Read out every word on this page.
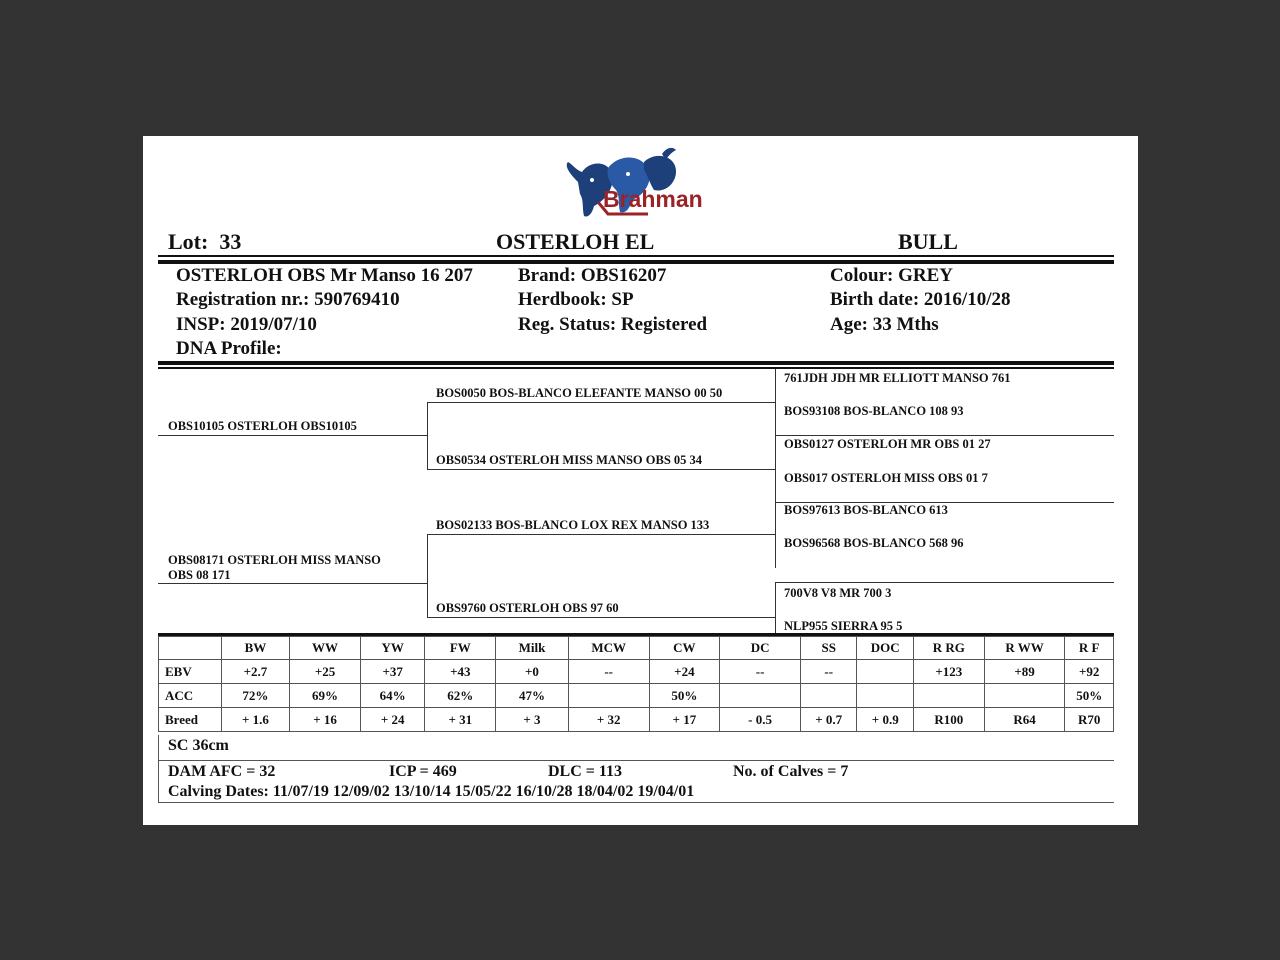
Brahman
Lot: 33	OSTERLOH EL	BULL
OSTERLOH OBS Mr Manso 16 207
Registration nr.: 590769410
INSP: 2019/07/10
DNA Profile:
Brand: OBS16207
Herdbook: SP
Reg. Status: Registered
Colour: GREY
Birth date: 2016/10/28
Age: 33 Mths
OBS10105 OSTERLOH OBS10105
OBS08171 OSTERLOH MISS MANSO
OBS 08 171
BOS0050 BOS-BLANCO ELEFANTE MANSO 00 50
OBS0534 OSTERLOH MISS MANSO OBS 05 34
BOS02133 BOS-BLANCO LOX REX MANSO 133
OBS9760 OSTERLOH OBS 97 60
761JDH JDH MR ELLIOTT MANSO 761
BOS93108 BOS-BLANCO 108 93
OBS0127 OSTERLOH MR OBS 01 27
OBS017 OSTERLOH MISS OBS 01 7
BOS97613 BOS-BLANCO 613
BOS96568 BOS-BLANCO 568 96
700V8 V8 MR 700 3
NLP955 SIERRA 95 5
	BW	WW	YW	FW	Milk	MCW	CW	DC	SS	DOC	R RG	R WW	R F
EBV	+2.7	+25	+37	+43	+0	--	+24	--	--		+123	+89	+92
ACC	72%	69%	64%	62%	47%		50%						50%
Breed	+ 1.6	+ 16	+ 24	+ 31	+ 3	+ 32	+ 17	- 0.5	+ 0.7	+ 0.9	R100	R64	R70
SC 36cm
DAM AFC = 32	ICP = 469	DLC = 113	No. of Calves = 7
Calving Dates: 11/07/19 12/09/02 13/10/14 15/05/22 16/10/28 18/04/02 19/04/01
